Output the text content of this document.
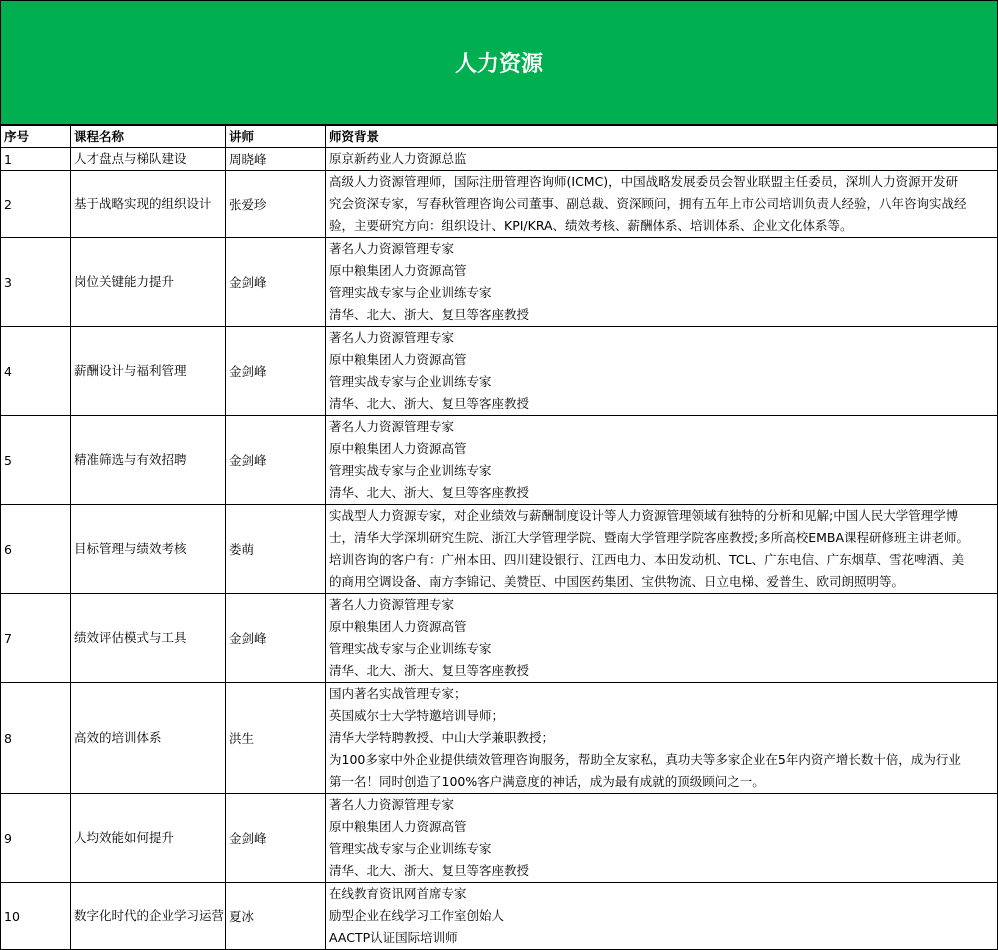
人力资源
序号	课程名称	讲师	师资背景
1	人才盘点与梯队建设	周晓峰	原京新药业人力资源总监

2	基于战略实现的组织设计	张爱珍	高级人力资源管理师，国际注册管理咨询师(ICMC)，中国战略发展委员会智业联盟主任委员，深圳人力资源开发研
究会资深专家，写春秋管理咨询公司董事、副总裁、资深顾问，拥有五年上市公司培训负责人经验，八年咨询实战经
验，主要研究方向：组织设计、KPI/KRA、绩效考核、薪酬体系、培训体系、企业文化体系等。

3	岗位关键能力提升	金剑峰	著名人力资源管理专家
原中粮集团人力资源高管
管理实战专家与企业训练专家
清华、北大、浙大、复旦等客座教授

4	薪酬设计与福利管理	金剑峰	著名人力资源管理专家
原中粮集团人力资源高管
管理实战专家与企业训练专家
清华、北大、浙大、复旦等客座教授

5	精准筛选与有效招聘	金剑峰	著名人力资源管理专家
原中粮集团人力资源高管
管理实战专家与企业训练专家
清华、北大、浙大、复旦等客座教授

6	目标管理与绩效考核	娄萌	实战型人力资源专家，对企业绩效与薪酬制度设计等人力资源管理领域有独特的分析和见解;中国人民大学管理学博
士，清华大学深圳研究生院、浙江大学管理学院、暨南大学管理学院客座教授;多所高校EMBA课程研修班主讲老师。
培训咨询的客户有：广州本田、四川建设银行、江西电力、本田发动机、TCL、广东电信、广东烟草、雪花啤酒、美
的商用空调设备、南方李锦记、美赞臣、中国医药集团、宝供物流、日立电梯、爱普生、欧司朗照明等。

7	绩效评估模式与工具	金剑峰	著名人力资源管理专家
原中粮集团人力资源高管
管理实战专家与企业训练专家
清华、北大、浙大、复旦等客座教授

8	高效的培训体系	洪生	国内著名实战管理专家；
英国威尔士大学特邀培训导师；
清华大学特聘教授、中山大学兼职教授；
为100多家中外企业提供绩效管理咨询服务，帮助全友家私，真功夫等多家企业在5年内资产增长数十倍，成为行业
第一名！同时创造了100%客户满意度的神话，成为最有成就的顶级顾问之一。

9	人均效能如何提升	金剑峰	著名人力资源管理专家
原中粮集团人力资源高管
管理实战专家与企业训练专家
清华、北大、浙大、复旦等客座教授

10	数字化时代的企业学习运营	夏冰	在线教育资讯网首席专家
励型企业在线学习工作室创始人
AACTP认证国际培训师
